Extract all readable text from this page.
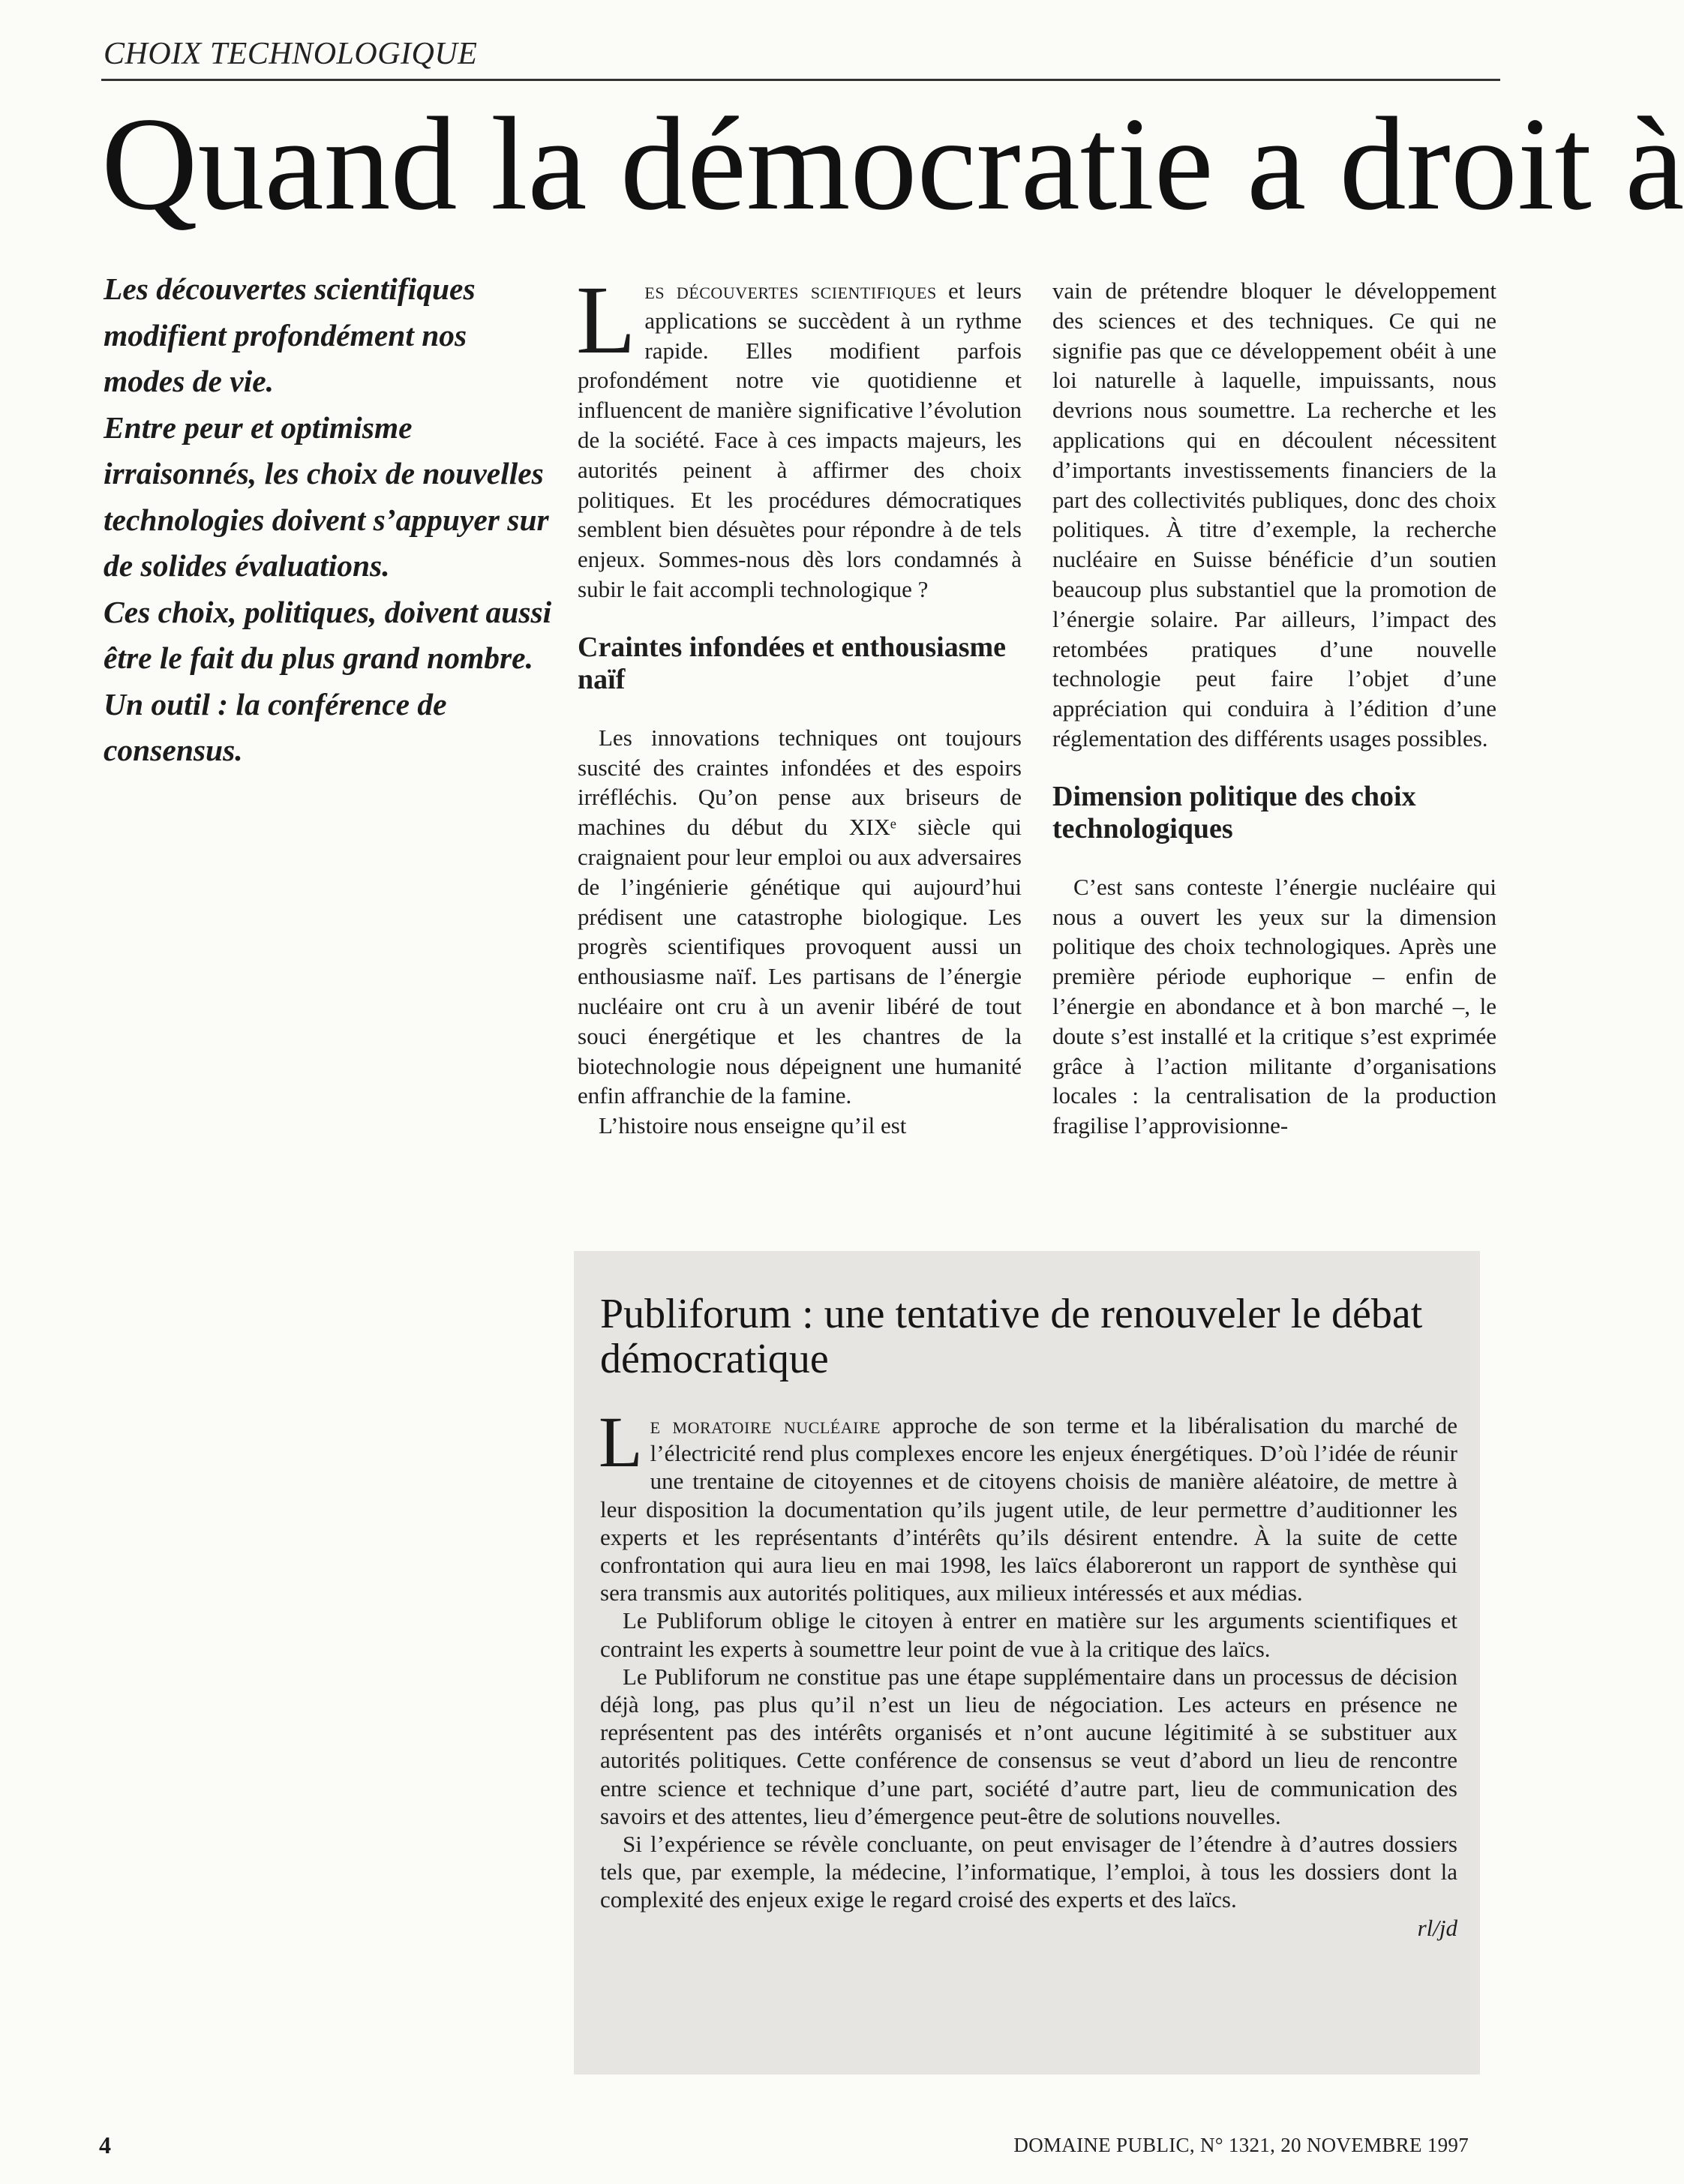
CHOIX TECHNOLOGIQUE
Quand la démocratie a droit à

Les découvertes scientifiques modifient profondément nos modes de vie.

Entre peur et optimisme irraisonnés, les choix de nouvelles technologies doivent s’appuyer sur de solides évaluations.

Ces choix, politiques, doivent aussi être le fait du plus grand nombre.

Un outil : la conférence de consensus.

Les découvertes scientifiques et leurs applications se succèdent à un rythme rapide. Elles modifient parfois profondément notre vie quotidienne et influencent de manière significative l’évolution de la société. Face à ces impacts majeurs, les autorités peinent à affirmer des choix politiques. Et les procédures démocratiques semblent bien désuètes pour répondre à de tels enjeux. Sommes-nous dès lors condamnés à subir le fait accompli technologique ?

Craintes infondées et enthousiasme naïf

Les innovations techniques ont toujours suscité des craintes infondées et des espoirs irréfléchis. Qu’on pense aux briseurs de machines du début du XIXᵉ siècle qui craignaient pour leur emploi ou aux adversaires de l’ingénierie génétique qui aujourd’hui prédisent une catastrophe biologique. Les progrès scientifiques provoquent aussi un enthousiasme naïf. Les partisans de l’énergie nucléaire ont cru à un avenir libéré de tout souci énergétique et les chantres de la biotechnologie nous dépeignent une humanité enfin affranchie de la famine.

L’histoire nous enseigne qu’il est

vain de prétendre bloquer le développement des sciences et des techniques. Ce qui ne signifie pas que ce développement obéit à une loi naturelle à laquelle, impuissants, nous devrions nous soumettre. La recherche et les applications qui en découlent nécessitent d’importants investissements financiers de la part des collectivités publiques, donc des choix politiques. À titre d’exemple, la recherche nucléaire en Suisse bénéficie d’un soutien beaucoup plus substantiel que la promotion de l’énergie solaire. Par ailleurs, l’impact des retombées pratiques d’une nouvelle technologie peut faire l’objet d’une appréciation qui conduira à l’édition d’une réglementation des différents usages possibles.

Dimension politique des choix technologiques

C’est sans conteste l’énergie nucléaire qui nous a ouvert les yeux sur la dimension politique des choix technologiques. Après une première période euphorique – enfin de l’énergie en abondance et à bon marché –, le doute s’est installé et la critique s’est exprimée grâce à l’action militante d’organisations locales : la centralisation de la production fragilise l’approvisionne-

Publiforum : une tentative de renouveler le débat démocratique

Le moratoire nucléaire approche de son terme et la libéralisation du marché de l’électricité rend plus complexes encore les enjeux énergétiques. D’où l’idée de réunir une trentaine de citoyennes et de citoyens choisis de manière aléatoire, de mettre à leur disposition la documentation qu’ils jugent utile, de leur permettre d’auditionner les experts et les représentants d’intérêts qu’ils désirent entendre. À la suite de cette confrontation qui aura lieu en mai 1998, les laïcs élaboreront un rapport de synthèse qui sera transmis aux autorités politiques, aux milieux intéressés et aux médias.

Le Publiforum oblige le citoyen à entrer en matière sur les arguments scientifiques et contraint les experts à soumettre leur point de vue à la critique des laïcs.

Le Publiforum ne constitue pas une étape supplémentaire dans un processus de décision déjà long, pas plus qu’il n’est un lieu de négociation. Les acteurs en présence ne représentent pas des intérêts organisés et n’ont aucune légitimité à se substituer aux autorités politiques. Cette conférence de consensus se veut d’abord un lieu de rencontre entre science et technique d’une part, société d’autre part, lieu de communication des savoirs et des attentes, lieu d’émergence peut-être de solutions nouvelles.

Si l’expérience se révèle concluante, on peut envisager de l’étendre à d’autres dossiers tels que, par exemple, la médecine, l’informatique, l’emploi, à tous les dossiers dont la complexité des enjeux exige le regard croisé des experts et des laïcs.

rl/jd
4	DOMAINE PUBLIC, N° 1321, 20 NOVEMBRE 1997
